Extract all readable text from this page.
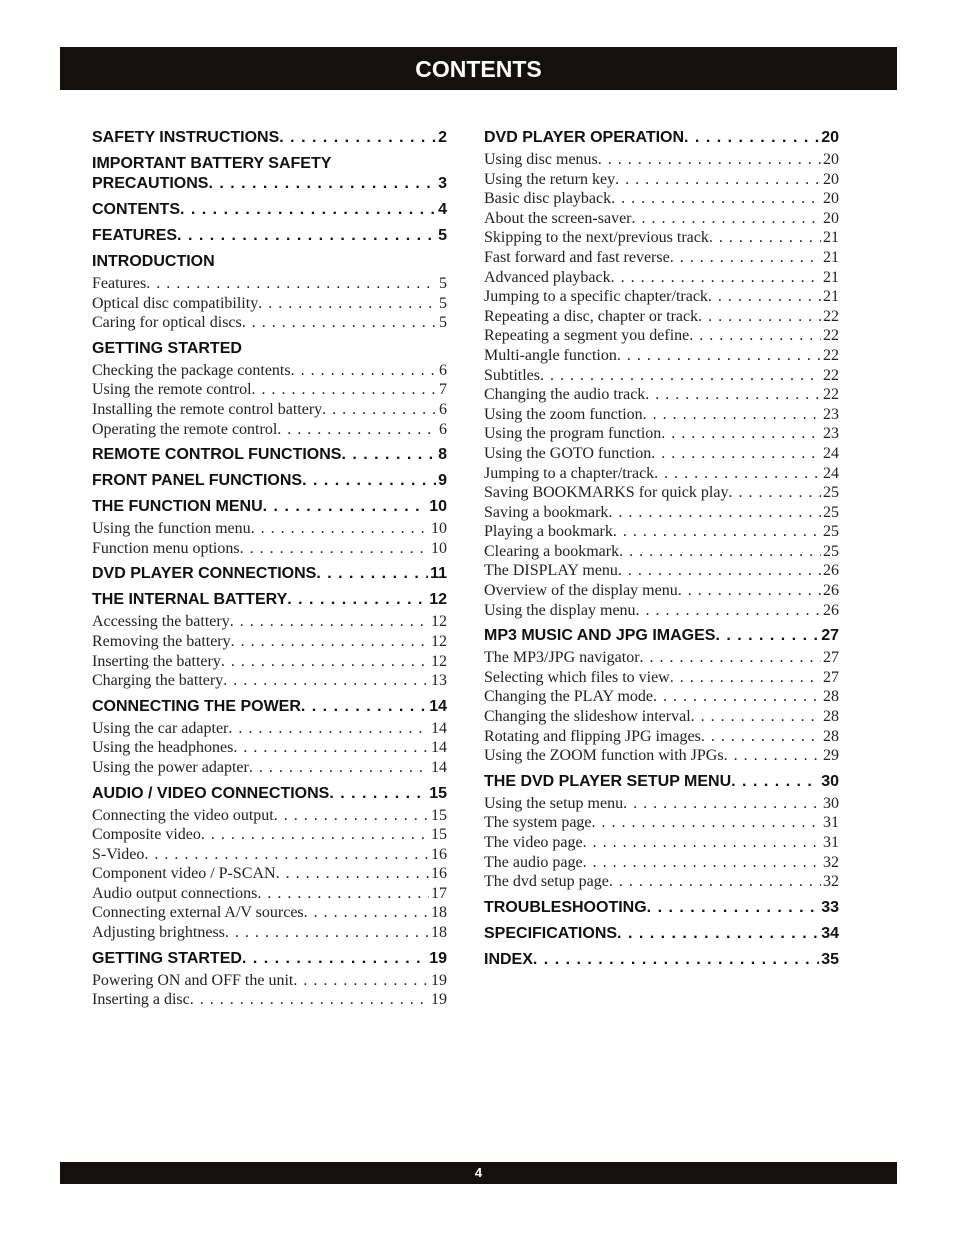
CONTENTS
SAFETY INSTRUCTIONS . . .	2
IMPORTANT BATTERY SAFETY
PRECAUTIONS . . .	3
CONTENTS . . .	4
FEATURES . . .	5
INTRODUCTION
Features . . .	5
Optical disc compatibility . . .	5
Caring for optical discs . . .	5
GETTING STARTED
Checking the package contents . . .	6
Using the remote control . . .	7
Installing the remote control battery . . .	6
Operating the remote control . . .	6
REMOTE CONTROL FUNCTIONS . . .	8
FRONT PANEL FUNCTIONS . . .	9
THE FUNCTION MENU . . .	10
Using the function menu . . .	10
Function menu options . . .	10
DVD PLAYER CONNECTIONS . . .	11
THE INTERNAL BATTERY . . .	12
Accessing the battery . . .	12
Removing the battery . . .	12
Inserting the battery . . .	12
Charging the battery . . .	13
CONNECTING THE POWER . . .	14
Using the car adapter . . .	14
Using the headphones . . .	14
Using the power adapter . . .	14
AUDIO / VIDEO CONNECTIONS . . .	15
Connecting the video output . . .	15
Composite video . . .	15
S-Video . . .	16
Component video / P-SCAN . . .	16
Audio output connections . . .	17
Connecting external A/V sources . . .	18
Adjusting brightness . . .	18
GETTING STARTED . . .	19
Powering ON and OFF the unit . . .	19
Inserting a disc . . .	19
DVD PLAYER OPERATION . . .	20
Using disc menus . . .	20
Using the return key . . .	20
Basic disc playback . . .	20
About the screen-saver . . .	20
Skipping to the next/previous track . . .	21
Fast forward and fast reverse . . .	21
Advanced playback . . .	21
Jumping to a specific chapter/track . . .	21
Repeating a disc, chapter or track . . .	22
Repeating a segment you define . . .	22
Multi-angle function . . .	22
Subtitles . . .	22
Changing the audio track . . .	22
Using the zoom function . . .	23
Using the program function . . .	23
Using the GOTO function . . .	24
Jumping to a chapter/track . . .	24
Saving BOOKMARKS for quick play . . .	25
Saving a bookmark . . .	25
Playing a bookmark . . .	25
Clearing a bookmark . . .	25
The DISPLAY menu . . .	26
Overview of the display menu . . .	26
Using the display menu . . .	26
MP3 MUSIC AND JPG IMAGES . . .	27
The MP3/JPG navigator . . .	27
Selecting which files to view . . .	27
Changing the PLAY mode . . .	28
Changing the slideshow interval . . .	28
Rotating and flipping JPG images . . .	28
Using the ZOOM function with JPGs . . .	29
THE DVD PLAYER SETUP MENU . . .	30
Using the setup menu . . .	30
The system page . . .	31
The video page . . .	31
The audio page . . .	32
The dvd setup page . . .	32
TROUBLESHOOTING . . .	33
SPECIFICATIONS . . .	34
INDEX . . .	35
4
